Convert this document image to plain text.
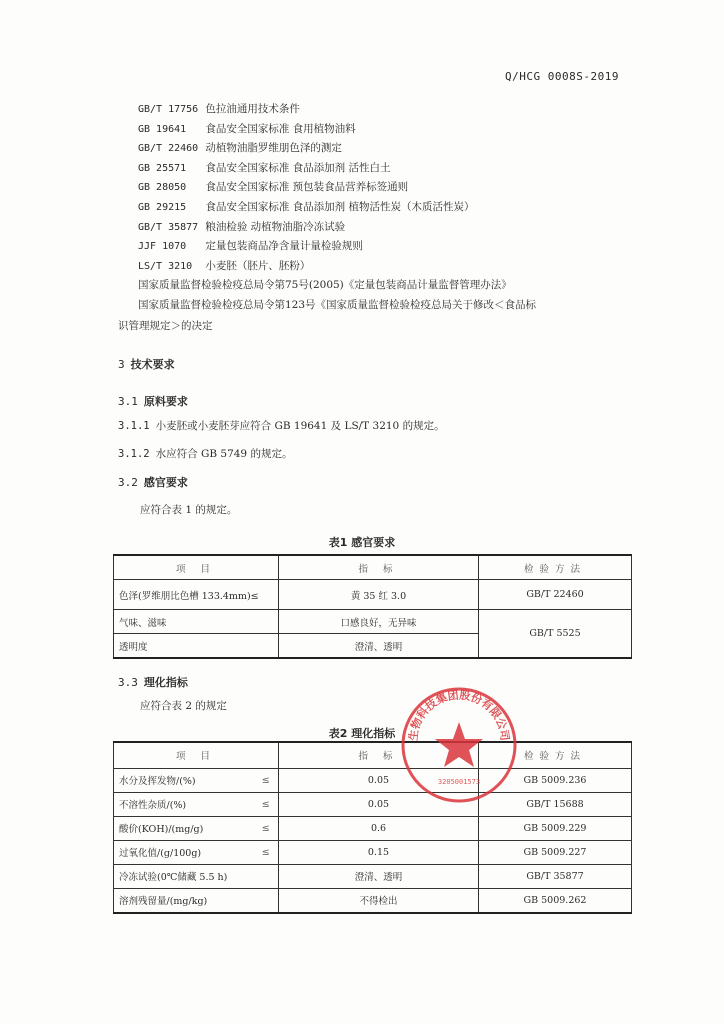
Q/HCG 0008S-2019
GB/T 17756 色拉油通用技术条件
GB 19641 食品安全国家标准 食用植物油料
GB/T 22460 动植物油脂罗维朋色泽的测定
GB 25571 食品安全国家标准 食品添加剂 活性白土
GB 28050 食品安全国家标准 预包装食品营养标签通则
GB 29215 食品安全国家标准 食品添加剂 植物活性炭（木质活性炭）
GB/T 35877 粮油检验 动植物油脂冷冻试验
JJF 1070 定量包装商品净含量计量检验规则
LS/T 3210 小麦胚（胚片、胚粉）
国家质量监督检验检疫总局令第75号(2005)《定量包装商品计量监督管理办法》
国家质量监督检验检疫总局令第123号《国家质量监督检验检疫总局关于修改＜食品标
识管理规定＞的决定
3 技术要求
3.1 原料要求
3.1.1 小麦胚或小麦胚芽应符合 GB 19641 及 LS/T 3210 的规定。
3.1.2 水应符合 GB 5749 的规定。
3.2 感官要求
应符合表 1 的规定。
表1 感官要求
项 目	指 标	检验方法
色泽(罗维朋比色槽 133.4mm)≤	黄 35 红 3.0	GB/T 22460
气味、滋味	口感良好，无异味	GB/T 5525
透明度	澄清、透明	
3.3 理化指标
应符合表 2 的规定
表2 理化指标
项 目		指 标	检验方法
水分及挥发物/(%)	≤	0.05	GB 5009.236
不溶性杂质/(%)	≤	0.05	GB/T 15688
酸价(KOH)/(mg/g)	≤	0.6	GB 5009.229
过氧化值/(g/100g)	≤	0.15	GB 5009.227
冷冻试验(0℃储藏 5.5 h)		澄清、透明	GB/T 35877
溶剂残留量/(mg/kg)		不得检出	GB 5009.262
生物科技集团股份有限公司
3205001573
